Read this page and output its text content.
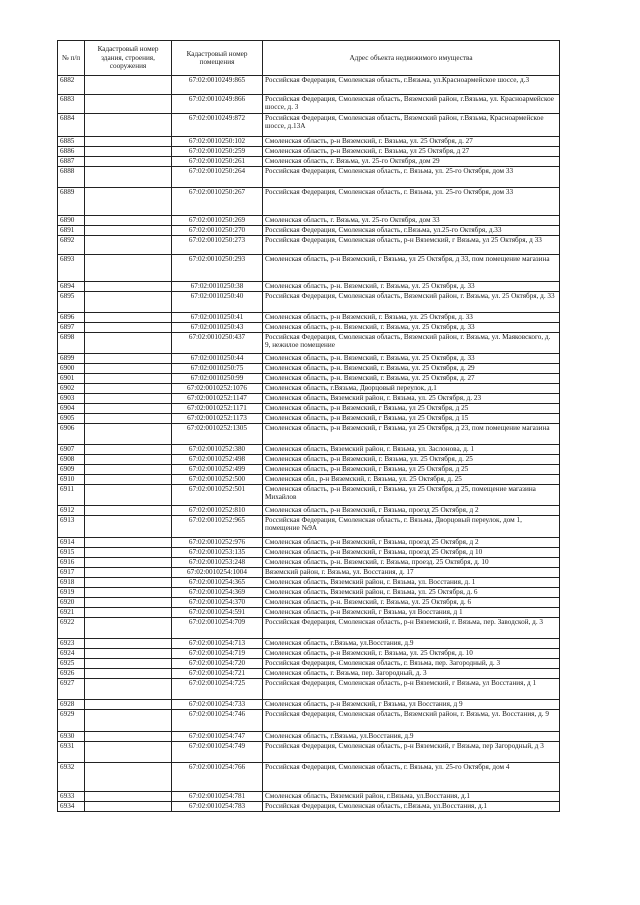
№ п/п	Кадастровый номер здания, строения, сооружения	Кадастровый номер помещения	Адрес объекта недвижимого имущества
6882		67:02:0010249:865	Российская Федерация, Смоленская область, г.Вязьма, ул.Красноармейское шоссе, д.3
6883		67:02:0010249:866	Российская Федерация, Смоленская область, Вяземский район, г.Вязьма, ул. Красноармейское шоссе, д. 3
6884		67:02:0010249:872	Российская Федерация, Смоленская область, Вяземский район, г.Вязьма, Красноармейское шоссе, д.13А
6885		67:02:0010250:102	Смоленская область, р-н Вяземский, г. Вязьма, ул. 25 Октября, д. 27
6886		67:02:0010250:259	Смоленская область, р-н Вяземский, г. Вязьма, ул 25 Октября, д 27
6887		67:02:0010250:261	Смоленская область, г. Вязьма, ул. 25-го Октября, дом 29
6888		67:02:0010250:264	Российская Федерация, Смоленская область, г. Вязьма, ул. 25-го Октября, дом 33
6889		67:02:0010250:267	Российская Федерация, Смоленская область, г. Вязьма, ул. 25-го Октября, дом 33
6890		67:02:0010250:269	Смоленская область, г. Вязьма, ул. 25-го Октября, дом 33
6891		67:02:0010250:270	Российская Федерация, Смоленская область, г.Вязьма, ул.25-го Октября, д.33
6892		67:02:0010250:273	Российская Федерация, Смоленская область, р-н Вяземский, г Вязьма, ул 25 Октября, д 33
6893		67:02:0010250:293	Смоленская область, р-н Вяземский, г Вязьма, ул 25 Октября, д 33, пом помещение магазина
6894		67:02:0010250:38	Смоленская область, р-н. Вяземский, г. Вязьма, ул. 25 Октября, д. 33
6895		67:02:0010250:40	Российская Федерация, Смоленская область, Вяземский район, г. Вязьма, ул. 25 Октября, д. 33
6896		67:02:0010250:41	Смоленская область, р-н Вяземский, г. Вязьма, ул. 25 Октября, д. 33
6897		67:02:0010250:43	Смоленская область, р-н. Вяземский, г. Вязьма, ул. 25 Октября, д. 33
6898		67:02:0010250:437	Российская Федерация, Смоленская область, Вяземский район, г. Вязьма, ул. Маяковского, д. 9, нежилое помещение
6899		67:02:0010250:44	Смоленская область, р-н. Вяземский, г. Вязьма, ул. 25 Октября, д. 33
6900		67:02:0010250:75	Смоленская область, р-н. Вяземский, г. Вязьма, ул. 25 Октября, д. 29
6901		67:02:0010250:99	Смоленская область, р-н. Вяземский, г. Вязьма, ул. 25 Октября, д. 27
6902		67:02:0010252:1076	Смоленская область, г.Вязьма, Дворцовый переулок, д.1
6903		67:02:0010252:1147	Смоленская область, Вяземский район, г. Вязьма, ул. 25 Октября, д. 23
6904		67:02:0010252:1171	Смоленская область, р-н Вяземский, г Вязьма, ул 25 Октября, д 25
6905		67:02:0010252:1173	Смоленская область, р-н Вяземский, г Вязьма, ул 25 Октября, д 15
6906		67:02:0010252:1305	Смоленская область, р-н Вяземский, г Вязьма, ул 25 Октября, д 23, пом помещение магазина
6907		67:02:0010252:380	Смоленская область, Вяземский район, г. Вязьма, ул. Заслонова, д. 1
6908		67:02:0010252:498	Смоленская область, р-н Вяземский, г. Вязьма, ул. 25 Октября, д. 25
6909		67:02:0010252:499	Смоленская область, р-н Вяземский, г Вязьма, ул 25 Октября, д 25
6910		67:02:0010252:500	Смоленская обл., р-н Вяземский, г. Вязьма, ул. 25 Октября, д. 25
6911		67:02:0010252:501	Смоленская область, р-н Вяземский, г Вязьма, ул 25 Октября, д 25, помещение магазина Михайлов
6912		67:02:0010252:810	Смоленская область, р-н Вяземский, г Вязьма, проезд 25 Октября, д 2
6913		67:02:0010252:965	Российская Федерация, Смоленская область, г. Вязьма, Дворцовый переулок, дом 1, помещение №9А
6914		67:02:0010252:976	Смоленская область, р-н Вяземский, г Вязьма, проезд 25 Октября, д 2
6915		67:02:0010253:135	Смоленская область, р-н Вяземский, г Вязьма, проезд 25 Октября, д 10
6916		67:02:0010253:248	Смоленская область, р-н. Вяземский, г. Вязьма, проезд. 25 Октября, д. 10
6917		67:02:0010254:1004	Вяземский район, г. Вязьма, ул. Восстания, д. 17
6918		67:02:0010254:365	Смоленская область, Вяземский район, г. Вязьма, ул. Восстания, д. 1
6919		67:02:0010254:369	Смоленская область, Вяземский район, г. Вязьма, ул. 25 Октября, д. 6
6920		67:02:0010254:370	Смоленская область, р-н. Вяземский, г. Вязьма, ул. 25 Октября, д. 6
6921		67:02:0010254:591	Смоленская область, р-н Вяземский, г Вязьма, ул Восстания, д 1
6922		67:02:0010254:709	Российская Федерация, Смоленская область, р-н Вяземский, г. Вязьма, пер. Заводской, д. 3
6923		67:02:0010254:713	Смоленская область, г.Вязьма, ул.Восстания, д.9
6924		67:02:0010254:719	Смоленская область, р-н Вяземский, г. Вязьма, ул. 25 Октября, д. 10
6925		67:02:0010254:720	Российская Федерация, Смоленская область, г. Вязьма, пер. Загородный, д. 3
6926		67:02:0010254:721	Смоленская область, г. Вязьма, пер. Загородный, д. 3
6927		67:02:0010254:725	Российская Федерация, Смоленская область, р-н Вяземский, г Вязьма, ул Восстания, д 1
6928		67:02:0010254:733	Смоленская область, р-н Вяземский, г Вязьма, ул Восстания, д 9
6929		67:02:0010254:746	Российская Федерация, Смоленская область, Вяземский район, г. Вязьма, ул. Восстания, д. 9
6930		67:02:0010254:747	Смоленская область, г.Вязьма, ул.Восстания, д.9
6931		67:02:0010254:749	Российская Федерация, Смоленская область, р-н Вяземский, г Вязьма, пер Загородный, д 3
6932		67:02:0010254:766	Российская Федерация, Смоленская область, г. Вязьма, ул. 25-го Октября, дом 4
6933		67:02:0010254:781	Смоленская область, Вяземский район, г.Вязьма, ул.Восстания, д.1
6934		67:02:0010254:783	Российская Федерация, Смоленская область, г.Вязьма, ул.Восстания, д.1
